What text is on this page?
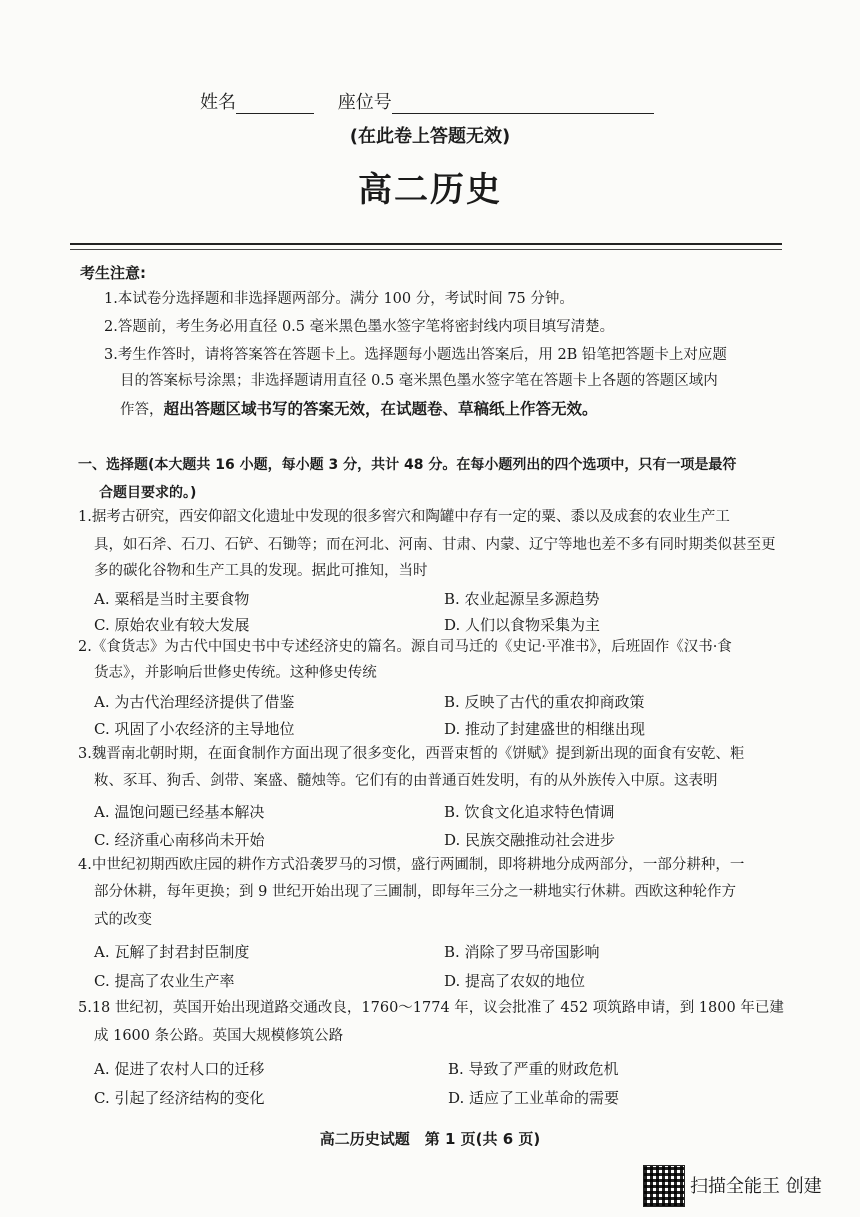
姓名	座位号
(在此卷上答题无效)
高二历史
考生注意:
1.本试卷分选择题和非选择题两部分。满分 100 分，考试时间 75 分钟。
2.答题前，考生务必用直径 0.5 毫米黑色墨水签字笔将密封线内项目填写清楚。
3.考生作答时，请将答案答在答题卡上。选择题每小题选出答案后，用 2B 铅笔把答题卡上对应题
目的答案标号涂黑；非选择题请用直径 0.5 毫米黑色墨水签字笔在答题卡上各题的答题区域内
作答，超出答题区域书写的答案无效，在试题卷、草稿纸上作答无效。
一、选择题(本大题共 16 小题，每小题 3 分，共计 48 分。在每小题列出的四个选项中，只有一项是最符
合题目要求的。)
1.据考古研究，西安仰韶文化遗址中发现的很多窖穴和陶罐中存有一定的粟、黍以及成套的农业生产工
具，如石斧、石刀、石铲、石锄等；而在河北、河南、甘肃、内蒙、辽宁等地也差不多有同时期类似甚至更
多的碳化谷物和生产工具的发现。据此可推知，当时
A. 粟稻是当时主要食物	B. 农业起源呈多源趋势
C. 原始农业有较大发展	D. 人们以食物采集为主
2.《食货志》为古代中国史书中专述经济史的篇名。源自司马迁的《史记·平准书》，后班固作《汉书·食
货志》，并影响后世修史传统。这种修史传统
A. 为古代治理经济提供了借鉴	B. 反映了古代的重农抑商政策
C. 巩固了小农经济的主导地位	D. 推动了封建盛世的相继出现
3.魏晋南北朝时期，在面食制作方面出现了很多变化，西晋束皙的《饼赋》提到新出现的面食有安乾、粔
籹、豕耳、狗舌、剑带、案盛、髓烛等。它们有的由普通百姓发明，有的从外族传入中原。这表明
A. 温饱问题已经基本解决	B. 饮食文化追求特色情调
C. 经济重心南移尚未开始	D. 民族交融推动社会进步
4.中世纪初期西欧庄园的耕作方式沿袭罗马的习惯，盛行两圃制，即将耕地分成两部分，一部分耕种，一
部分休耕，每年更换；到 9 世纪开始出现了三圃制，即每年三分之一耕地实行休耕。西欧这种轮作方
式的改变
A. 瓦解了封君封臣制度	B. 消除了罗马帝国影响
C. 提高了农业生产率	D. 提高了农奴的地位
5.18 世纪初，英国开始出现道路交通改良，1760～1774 年，议会批准了 452 项筑路申请，到 1800 年已建
成 1600 条公路。英国大规模修筑公路
A. 促进了农村人口的迁移	B. 导致了严重的财政危机
C. 引起了经济结构的变化	D. 适应了工业革命的需要
高二历史试题　第 1 页(共 6 页)
扫描全能王 创建
